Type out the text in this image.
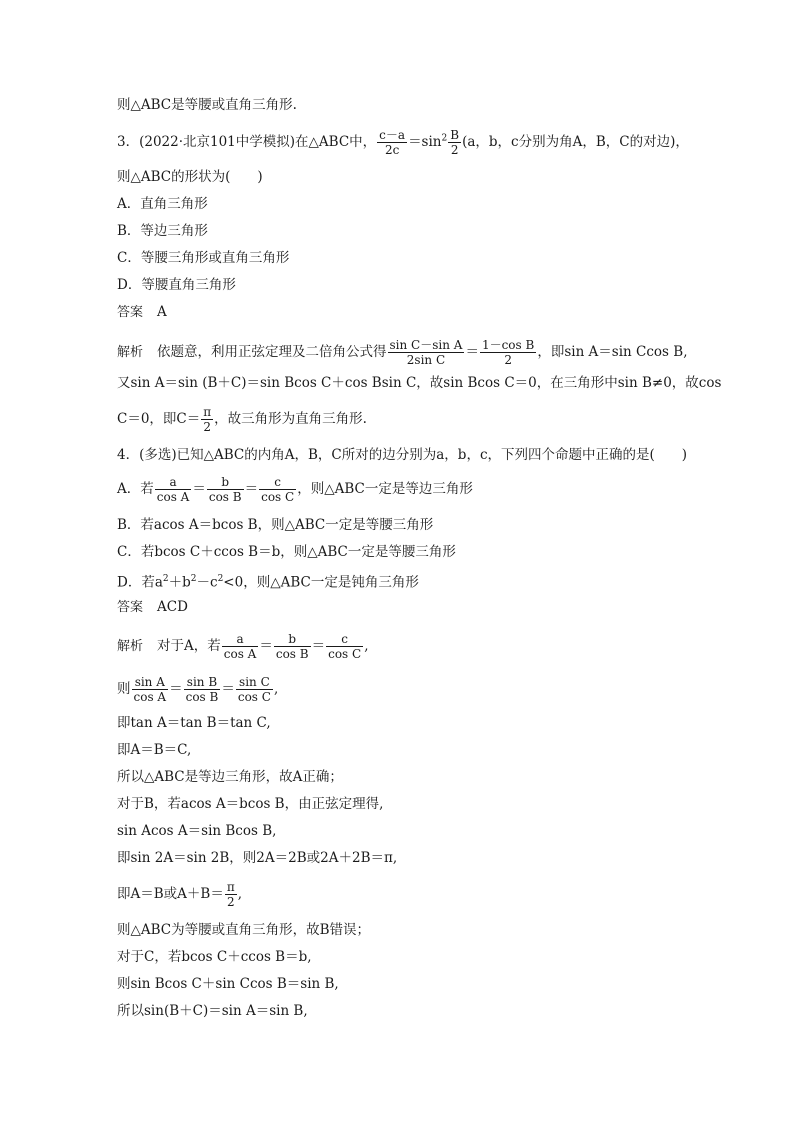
则△ABC是等腰或直角三角形.
3．(2022·北京101中学模拟)在△ABC中， $\frac{c-a}{2c} =\sin^2 \frac{B}{2} (a$，b，c分别为角A，B，C的对边)，
则△ABC的形状为(　　)
A．直角三角形
B．等边三角形
C．等腰三角形或直角三角形
D．等腰直角三角形
答案 A
解析 依题意，利用正弦定理及二倍角公式得 $\frac{\text{sin C－sin A}}{\text{2sin C}} = \frac{\text{1－cos B}}{2}$ ，即sin A＝sin Ccos B,
又sin A＝sin (B＋C)＝sin Bcos C＋cos Bsin C，故sin Bcos C＝0，在三角形中sin B≠0，故cos
C＝0，即$C= \frac{\pi}{2}$ ，故三角形为直角三角形.
4．(多选)已知△ABC的内角A，B，C所对的边分别为a，b，c，下列四个命题中正确的是(　　)
A．若 $\frac{a}{\text{cos A}} = \frac{b}{\text{cos B}} = \frac{c}{\text{cos C}}$ ，则△ABC一定是等边三角形
B．若acos A＝bcos B，则△ABC一定是等腰三角形
C．若bcos C＋ccos B＝b，则△ABC一定是等腰三角形
D．若$a^2+b^2-c^2<0$，则△ABC一定是钝角三角形
答案 ACD
解析 对于A，若 $\frac{a}{\text{cos A}} = \frac{b}{\text{cos B}} = \frac{c}{\text{cos C}}$ ,
则 $\frac{\text{sin A}}{\text{cos A}} = \frac{\text{sin B}}{\text{cos B}} = \frac{\text{sin C}}{\text{cos C}}$ ,
即tan A＝tan B＝tan C,
即A＝B＝C,
所以△ABC是等边三角形，故A正确；
对于B，若acos A＝bcos B，由正弦定理得,
sin Acos A＝sin Bcos B,
即sin 2A＝sin 2B，则2A＝2B或2A＋2B＝π,
即A＝B或$A+B= \frac{\pi}{2}$ ,
则△ABC为等腰或直角三角形，故B错误；
对于C，若bcos C＋ccos B＝b,
则sin Bcos C＋sin Ccos B＝sin B,
所以sin(B＋C)＝sin A＝sin B,
